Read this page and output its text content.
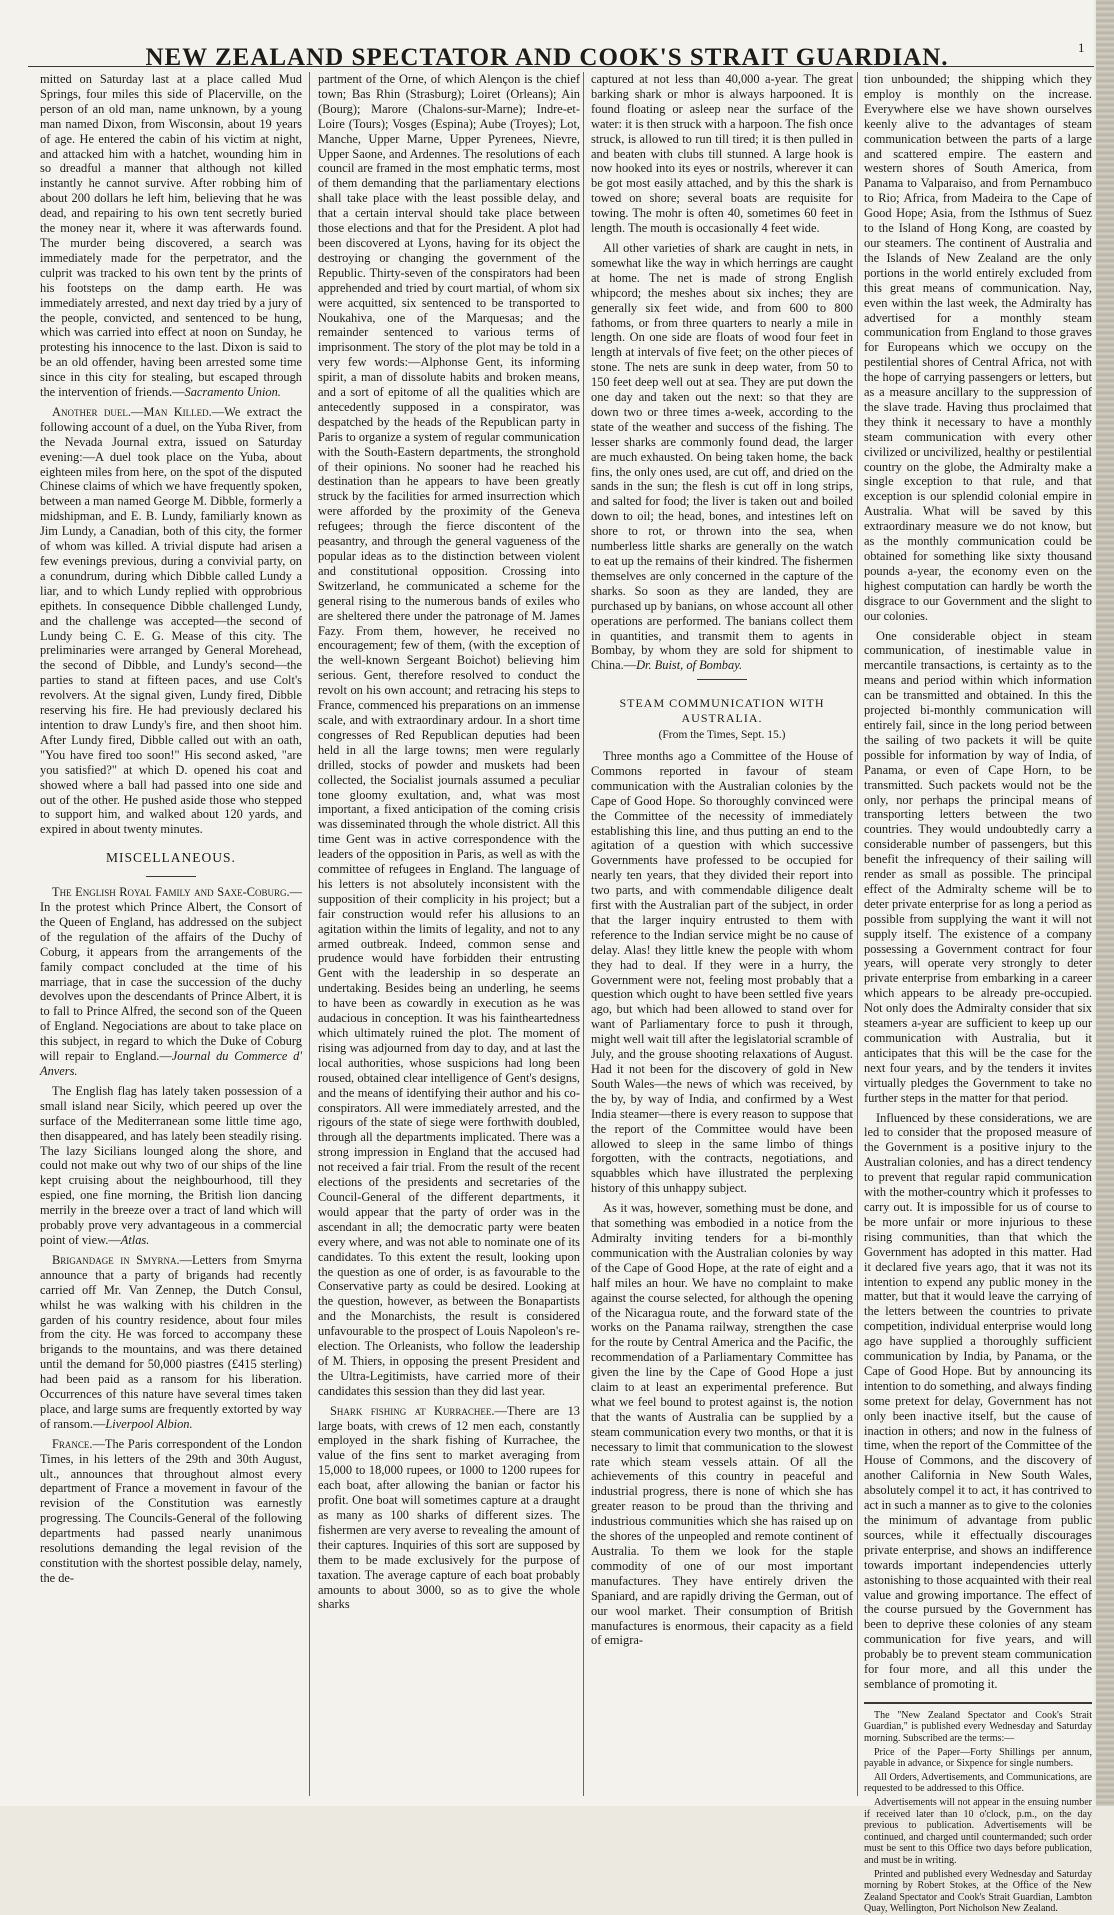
NEW ZEALAND SPECTATOR AND COOK'S STRAIT GUARDIAN.

mitted on Saturday last at a place called Mud Springs, four miles this side of Placerville, on the person of an old man, name unknown, by a young man named Dixon, from Wisconsin, about 19 years of age. He entered the cabin of his victim at night, and attacked him with a hatchet, wounding him in so dreadful a manner that although not killed instantly he cannot survive. After robbing him of about 200 dollars he left him, believing that he was dead, and repairing to his own tent secretly buried the money near it, where it was afterwards found. The murder being discovered, a search was immediately made for the perpetrator, and the culprit was tracked to his own tent by the prints of his footsteps on the damp earth. He was immediately arrested, and next day tried by a jury of the people, convicted, and sentenced to be hung, which was carried into effect at noon on Sunday, he protesting his innocence to the last. Dixon is said to be an old offender, having been arrested some time since in this city for stealing, but escaped through the intervention of friends.—Sacramento Union.

Another duel.—Man Killed.—We extract the following account of a duel, on the Yuba River, from the Nevada Journal extra, issued on Saturday evening:—A duel took place on the Yuba, about eighteen miles from here, on the spot of the disputed Chinese claims of which we have frequently spoken, between a man named George M. Dibble, formerly a midshipman, and E. B. Lundy, familiarly known as Jim Lundy, a Canadian, both of this city, the former of whom was killed. A trivial dispute had arisen a few evenings previous, during a convivial party, on a conundrum, during which Dibble called Lundy a liar, and to which Lundy replied with opprobrious epithets. In consequence Dibble challenged Lundy, and the challenge was accepted—the second of Lundy being C. E. G. Mease of this city. The preliminaries were arranged by General Morehead, the second of Dibble, and Lundy's second—the parties to stand at fifteen paces, and use Colt's revolvers. At the signal given, Lundy fired, Dibble reserving his fire. He had previously declared his intention to draw Lundy's fire, and then shoot him. After Lundy fired, Dibble called out with an oath, "You have fired too soon!" His second asked, "are you satisfied?" at which D. opened his coat and showed where a ball had passed into one side and out of the other. He pushed aside those who stepped to support him, and walked about 120 yards, and expired in about twenty minutes.

MISCELLANEOUS.

The English Royal Family and Saxe-Coburg.—In the protest which Prince Albert, the Consort of the Queen of England, has addressed on the subject of the regulation of the affairs of the Duchy of Coburg, it appears from the arrangements of the family compact concluded at the time of his marriage, that in case the succession of the duchy devolves upon the descendants of Prince Albert, it is to fall to Prince Alfred, the second son of the Queen of England. Negociations are about to take place on this subject, in regard to which the Duke of Coburg will repair to England.—Journal du Commerce d' Anvers.

The English flag has lately taken possession of a small island near Sicily, which peered up over the surface of the Mediterranean some little time ago, then disappeared, and has lately been steadily rising. The lazy Sicilians lounged along the shore, and could not make out why two of our ships of the line kept cruising about the neighbourhood, till they espied, one fine morning, the British lion dancing merrily in the breeze over a tract of land which will probably prove very advantageous in a commercial point of view.—Atlas.

Brigandage in Smyrna.—Letters from Smyrna announce that a party of brigands had recently carried off Mr. Van Zennep, the Dutch Consul, whilst he was walking with his children in the garden of his country residence, about four miles from the city. He was forced to accompany these brigands to the mountains, and was there detained until the demand for 50,000 piastres (£415 sterling) had been paid as a ransom for his liberation. Occurrences of this nature have several times taken place, and large sums are frequently extorted by way of ransom.—Liverpool Albion.

France.—The Paris correspondent of the London Times, in his letters of the 29th and 30th August, ult., announces that throughout almost every department of France a movement in favour of the revision of the Constitution was earnestly progressing. The Councils-General of the following departments had passed nearly unanimous resolutions demanding the legal revision of the constitution with the shortest possible delay, namely, the de-

partment of the Orne, of which Alençon is the chief town; Bas Rhin (Strasburg); Loiret (Orleans); Ain (Bourg); Marore (Chalons-sur-Marne); Indre-et-Loire (Tours); Vosges (Espina); Aube (Troyes); Lot, Manche, Upper Marne, Upper Pyrenees, Nievre, Upper Saone, and Ardennes. The resolutions of each council are framed in the most emphatic terms, most of them demanding that the parliamentary elections shall take place with the least possible delay, and that a certain interval should take place between those elections and that for the President. A plot had been discovered at Lyons, having for its object the destroying or changing the government of the Republic. Thirty-seven of the conspirators had been apprehended and tried by court martial, of whom six were acquitted, six sentenced to be transported to Noukahiva, one of the Marquesas; and the remainder sentenced to various terms of imprisonment. The story of the plot may be told in a very few words:—Alphonse Gent, its informing spirit, a man of dissolute habits and broken means, and a sort of epitome of all the qualities which are antecedently supposed in a conspirator, was despatched by the heads of the Republican party in Paris to organize a system of regular communication with the South-Eastern departments, the stronghold of their opinions. No sooner had he reached his destination than he appears to have been greatly struck by the facilities for armed insurrection which were afforded by the proximity of the Geneva refugees; through the fierce discontent of the peasantry, and through the general vagueness of the popular ideas as to the distinction between violent and constitutional opposition. Crossing into Switzerland, he communicated a scheme for the general rising to the numerous bands of exiles who are sheltered there under the patronage of M. James Fazy. From them, however, he received no encouragement; few of them, (with the exception of the well-known Sergeant Boichot) believing him serious. Gent, therefore resolved to conduct the revolt on his own account; and retracing his steps to France, commenced his preparations on an immense scale, and with extraordinary ardour. In a short time congresses of Red Republican deputies had been held in all the large towns; men were regularly drilled, stocks of powder and muskets had been collected, the Socialist journals assumed a peculiar tone gloomy exultation, and, what was most important, a fixed anticipation of the coming crisis was disseminated through the whole district. All this time Gent was in active correspondence with the leaders of the opposition in Paris, as well as with the committee of refugees in England. The language of his letters is not absolutely inconsistent with the supposition of their complicity in his project; but a fair construction would refer his allusions to an agitation within the limits of legality, and not to any armed outbreak. Indeed, common sense and prudence would have forbidden their entrusting Gent with the leadership in so desperate an undertaking. Besides being an underling, he seems to have been as cowardly in execution as he was audacious in conception. It was his faintheartedness which ultimately ruined the plot. The moment of rising was adjourned from day to day, and at last the local authorities, whose suspicions had long been roused, obtained clear intelligence of Gent's designs, and the means of identifying their author and his co-conspirators. All were immediately arrested, and the rigours of the state of siege were forthwith doubled, through all the departments implicated. There was a strong impression in England that the accused had not received a fair trial. From the result of the recent elections of the presidents and secretaries of the Council-General of the different departments, it would appear that the party of order was in the ascendant in all; the democratic party were beaten every where, and was not able to nominate one of its candidates. To this extent the result, looking upon the question as one of order, is as favourable to the Conservative party as could be desired. Looking at the question, however, as between the Bonapartists and the Monarchists, the result is considered unfavourable to the prospect of Louis Napoleon's re-election. The Orleanists, who follow the leadership of M. Thiers, in opposing the present President and the Ultra-Legitimists, have carried more of their candidates this session than they did last year.

Shark fishing at Kurrachee.—There are 13 large boats, with crews of 12 men each, constantly employed in the shark fishing of Kurrachee, the value of the fins sent to market averaging from 15,000 to 18,000 rupees, or 1000 to 1200 rupees for each boat, after allowing the banian or factor his profit. One boat will sometimes capture at a draught as many as 100 sharks of different sizes. The fishermen are very averse to revealing the amount of their captures. Inquiries of this sort are supposed by them to be made exclusively for the purpose of taxation. The average capture of each boat probably amounts to about 3000, so as to give the whole sharks

captured at not less than 40,000 a-year. The great barking shark or mhor is always harpooned. It is found floating or asleep near the surface of the water: it is then struck with a harpoon. The fish once struck, is allowed to run till tired; it is then pulled in and beaten with clubs till stunned. A large hook is now hooked into its eyes or nostrils, wherever it can be got most easily attached, and by this the shark is towed on shore; several boats are requisite for towing. The mohr is often 40, sometimes 60 feet in length. The mouth is occasionally 4 feet wide.

All other varieties of shark are caught in nets, in somewhat like the way in which herrings are caught at home. The net is made of strong English whipcord; the meshes about six inches; they are generally six feet wide, and from 600 to 800 fathoms, or from three quarters to nearly a mile in length. On one side are floats of wood four feet in length at intervals of five feet; on the other pieces of stone. The nets are sunk in deep water, from 50 to 150 feet deep well out at sea. They are put down the one day and taken out the next: so that they are down two or three times a-week, according to the state of the weather and success of the fishing. The lesser sharks are commonly found dead, the larger are much exhausted. On being taken home, the back fins, the only ones used, are cut off, and dried on the sands in the sun; the flesh is cut off in long strips, and salted for food; the liver is taken out and boiled down to oil; the head, bones, and intestines left on shore to rot, or thrown into the sea, when numberless little sharks are generally on the watch to eat up the remains of their kindred. The fishermen themselves are only concerned in the capture of the sharks. So soon as they are landed, they are purchased up by banians, on whose account all other operations are performed. The banians collect them in quantities, and transmit them to agents in Bombay, by whom they are sold for shipment to China.—Dr. Buist, of Bombay.

STEAM COMMUNICATION WITH AUSTRALIA.
(From the Times, Sept. 15.)

Three months ago a Committee of the House of Commons reported in favour of steam communication with the Australian colonies by the Cape of Good Hope. So thoroughly convinced were the Committee of the necessity of immediately establishing this line, and thus putting an end to the agitation of a question with which successive Governments have professed to be occupied for nearly ten years, that they divided their report into two parts, and with commendable diligence dealt first with the Australian part of the subject, in order that the larger inquiry entrusted to them with reference to the Indian service might be no cause of delay. Alas! they little knew the people with whom they had to deal. If they were in a hurry, the Government were not, feeling most probably that a question which ought to have been settled five years ago, but which had been allowed to stand over for want of Parliamentary force to push it through, might well wait till after the legislatorial scramble of July, and the grouse shooting relaxations of August. Had it not been for the discovery of gold in New South Wales—the news of which was received, by the by, by way of India, and confirmed by a West India steamer—there is every reason to suppose that the report of the Committee would have been allowed to sleep in the same limbo of things forgotten, with the contracts, negotiations, and squabbles which have illustrated the perplexing history of this unhappy subject.

As it was, however, something must be done, and that something was embodied in a notice from the Admiralty inviting tenders for a bi-monthly communication with the Australian colonies by way of the Cape of Good Hope, at the rate of eight and a half miles an hour. We have no complaint to make against the course selected, for although the opening of the Nicaragua route, and the forward state of the works on the Panama railway, strengthen the case for the route by Central America and the Pacific, the recommendation of a Parliamentary Committee has given the line by the Cape of Good Hope a just claim to at least an experimental preference. But what we feel bound to protest against is, the notion that the wants of Australia can be supplied by a steam communication every two months, or that it is necessary to limit that communication to the slowest rate which steam vessels attain. Of all the achievements of this country in peaceful and industrial progress, there is none of which she has greater reason to be proud than the thriving and industrious communities which she has raised up on the shores of the unpeopled and remote continent of Australia. To them we look for the staple commodity of one of our most important manufactures. They have entirely driven the Spaniard, and are rapidly driving the German, out of our wool market. Their consumption of British manufactures is enormous, their capacity as a field of emigra-

tion unbounded; the shipping which they employ is monthly on the increase. Everywhere else we have shown ourselves keenly alive to the advantages of steam communication between the parts of a large and scattered empire. The eastern and western shores of South America, from Panama to Valparaiso, and from Pernambuco to Rio; Africa, from Madeira to the Cape of Good Hope; Asia, from the Isthmus of Suez to the Island of Hong Kong, are coasted by our steamers. The continent of Australia and the Islands of New Zealand are the only portions in the world entirely excluded from this great means of communication. Nay, even within the last week, the Admiralty has advertised for a monthly steam communication from England to those graves for Europeans which we occupy on the pestilential shores of Central Africa, not with the hope of carrying passengers or letters, but as a measure ancillary to the suppression of the slave trade. Having thus proclaimed that they think it necessary to have a monthly steam communication with every other civilized or uncivilized, healthy or pestilential country on the globe, the Admiralty make a single exception to that rule, and that exception is our splendid colonial empire in Australia. What will be saved by this extraordinary measure we do not know, but as the monthly communication could be obtained for something like sixty thousand pounds a-year, the economy even on the highest computation can hardly be worth the disgrace to our Government and the slight to our colonies.

One considerable object in steam communication, of inestimable value in mercantile transactions, is certainty as to the means and period within which information can be transmitted and obtained. In this the projected bi-monthly communication will entirely fail, since in the long period between the sailing of two packets it will be quite possible for information by way of India, of Panama, or even of Cape Horn, to be transmitted. Such packets would not be the only, nor perhaps the principal means of transporting letters between the two countries. They would undoubtedly carry a considerable number of passengers, but this benefit the infrequency of their sailing will render as small as possible. The principal effect of the Admiralty scheme will be to deter private enterprise for as long a period as possible from supplying the want it will not supply itself. The existence of a company possessing a Government contract for four years, will operate very strongly to deter private enterprise from embarking in a career which appears to be already pre-occupied. Not only does the Admiralty consider that six steamers a-year are sufficient to keep up our communication with Australia, but it anticipates that this will be the case for the next four years, and by the tenders it invites virtually pledges the Government to take no further steps in the matter for that period.

Influenced by these considerations, we are led to consider that the proposed measure of the Government is a positive injury to the Australian colonies, and has a direct tendency to prevent that regular rapid communication with the mother-country which it professes to carry out. It is impossible for us of course to be more unfair or more injurious to these rising communities, than that which the Government has adopted in this matter. Had it declared five years ago, that it was not its intention to expend any public money in the matter, but that it would leave the carrying of the letters between the countries to private competition, individual enterprise would long ago have supplied a thoroughly sufficient communication by India, by Panama, or the Cape of Good Hope. But by announcing its intention to do something, and always finding some pretext for delay, Government has not only been inactive itself, but the cause of inaction in others; and now in the fulness of time, when the report of the Committee of the House of Commons, and the discovery of another California in New South Wales, absolutely compel it to act, it has contrived to act in such a manner as to give to the colonies the minimum of advantage from public sources, while it effectually discourages private enterprise, and shows an indifference towards important independencies utterly astonishing to those acquainted with their real value and growing importance. The effect of the course pursued by the Government has been to deprive these colonies of any steam communication for five years, and will probably be to prevent steam communication for four more, and all this under the semblance of promoting it.

The "New Zealand Spectator and Cook's Strait Guardian," is published every Wednesday and Saturday morning. Subscribed are the terms:—

Price of the Paper—Forty Shillings per annum, payable in advance, or Sixpence for single numbers.

All Orders, Advertisements, and Communications, are requested to be addressed to this Office.

Advertisements will not appear in the ensuing number if received later than 10 o'clock, p.m., on the day previous to publication. Advertisements will be continued, and charged until countermanded; such order must be sent to this Office two days before publication, and must be in writing.

Printed and published every Wednesday and Saturday morning by Robert Stokes, at the Office of the New Zealand Spectator and Cook's Strait Guardian, Lambton Quay, Wellington, Port Nicholson New Zealand.

1
